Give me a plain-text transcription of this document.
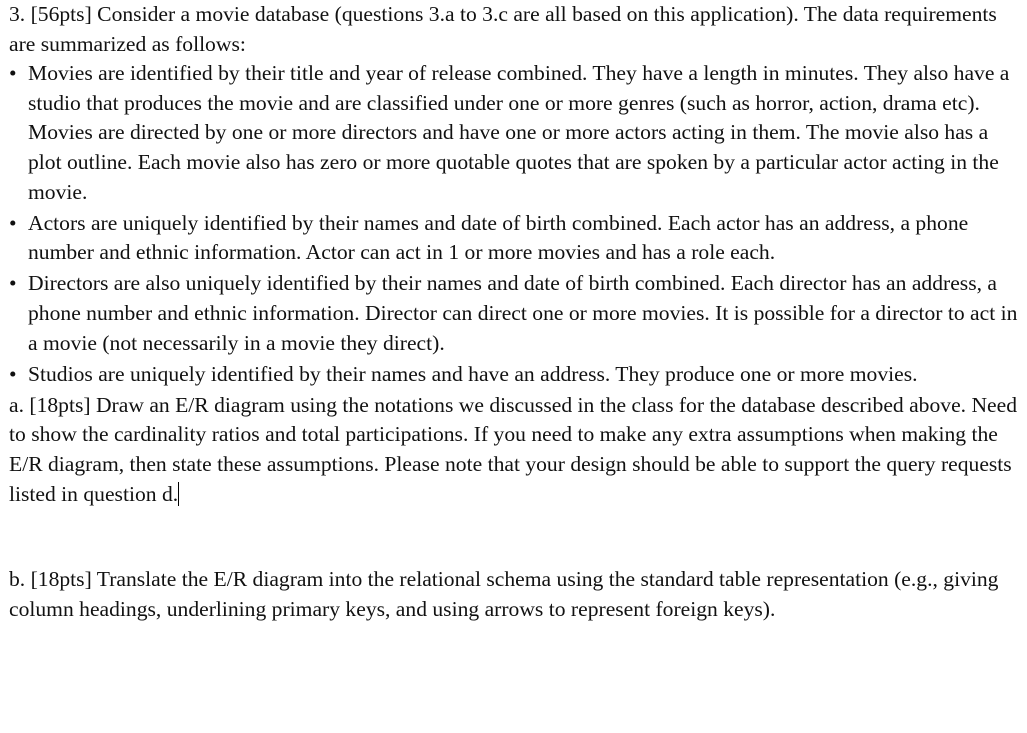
3. [56pts] Consider a movie database (questions 3.a to 3.c are all based on this application). The data requirements are summarized as follows:

• Movies are identified by their title and year of release combined. They have a length in minutes. They also have a studio that produces the movie and are classified under one or more genres (such as horror, action, drama etc). Movies are directed by one or more directors and have one or more actors acting in them. The movie also has a plot outline. Each movie also has zero or more quotable quotes that are spoken by a particular actor acting in the movie.
• Actors are uniquely identified by their names and date of birth combined. Each actor has an address, a phone number and ethnic information. Actor can act in 1 or more movies and has a role each.
• Directors are also uniquely identified by their names and date of birth combined. Each director has an address, a phone number and ethnic information. Director can direct one or more movies. It is possible for a director to act in a movie (not necessarily in a movie they direct).
• Studios are uniquely identified by their names and have an address. They produce one or more movies.

a. [18pts] Draw an E/R diagram using the notations we discussed in the class for the database described above. Need to show the cardinality ratios and total participations. If you need to make any extra assumptions when making the E/R diagram, then state these assumptions. Please note that your design should be able to support the query requests listed in question d.

b. [18pts] Translate the E/R diagram into the relational schema using the standard table representation (e.g., giving column headings, underlining primary keys, and using arrows to represent foreign keys).
